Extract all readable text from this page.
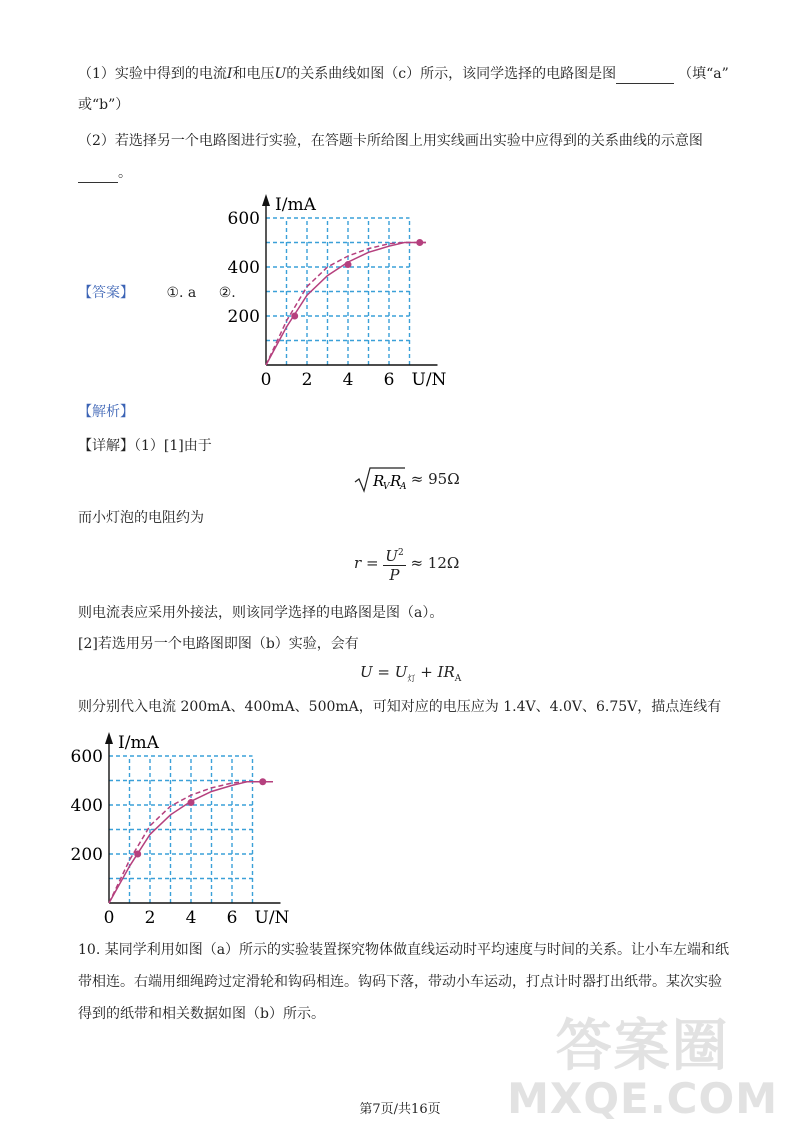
（1）实验中得到的电流I和电压U的关系曲线如图（c）所示，该同学选择的电路图是图	（填“a”
或“b”）
（2）若选择另一个电路图进行实验，在答题卡所给图上用实线画出实验中应得到的关系曲线的示意图
。
【答案】 ①. a ②.
0 2 4 6
200
400
600
I/mA
U/N
【解析】
【详解】（1）[1]由于
R
V R
A ≈ 95Ω
而小灯泡的电阻约为
$r = \frac{U^2}{P} \approx 12\Omega$
则电流表应采用外接法，则该同学选择的电路图是图（a）。
[2]若选用另一个电路图即图（b）实验，会有
$U = U_灯 + IR_A$
则分别代入电流 200mA、400mA、500mA，可知对应的电压应为 1.4V、4.0V、6.75V，描点连线有
0 2 4 6
200
400
600
I/mA
U/N
10. 某同学利用如图（a）所示的实验装置探究物体做直线运动时平均速度与时间的关系。让小车左端和纸
带相连。右端用细绳跨过定滑轮和钩码相连。钩码下落，带动小车运动，打点计时器打出纸带。某次实验
得到的纸带和相关数据如图（b）所示。
第7页/共16页
答案圈
MXQE.COM
